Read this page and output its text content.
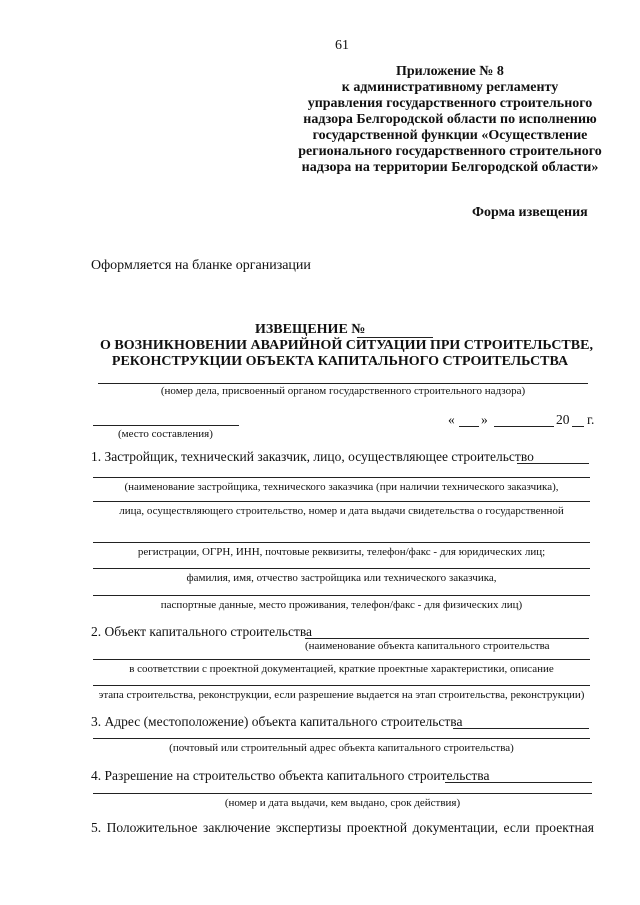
61
Приложение № 8
к административному регламенту
управления государственного строительного
надзора Белгородской области по исполнению
государственной функции «Осуществление
регионального государственного строительного
надзора на территории Белгородской области»
Форма извещения
Оформляется на бланке организации
ИЗВЕЩЕНИЕ №
О ВОЗНИКНОВЕНИИ АВАРИЙНОЙ СИТУАЦИИ ПРИ СТРОИТЕЛЬСТВЕ,
РЕКОНСТРУКЦИИ ОБЪЕКТА КАПИТАЛЬНОГО СТРОИТЕЛЬСТВА
(номер дела, присвоенный органом государственного строительного надзора)
(место составления)
« »	20 г.
1. Застройщик, технический заказчик, лицо, осуществляющее строительство
(наименование застройщика, технического заказчика (при наличии технического заказчика),
лица, осуществляющего строительство, номер и дата выдачи свидетельства о государственной
регистрации, ОГРН, ИНН, почтовые реквизиты, телефон/факс - для юридических лиц;
фамилия, имя, отчество застройщика или технического заказчика,
паспортные данные, место проживания, телефон/факс - для физических лиц)
2. Объект капитального строительства
(наименование объекта капитального строительства
в соответствии с проектной документацией, краткие проектные характеристики, описание
этапа строительства, реконструкции, если разрешение выдается на этап строительства, реконструкции)
3. Адрес (местоположение) объекта капитального строительства
(почтовый или строительный адрес объекта капитального строительства)
4. Разрешение на строительство объекта капитального строительства
(номер и дата выдачи, кем выдано, срок действия)
5. Положительное заключение экспертизы проектной документации, если проектная
